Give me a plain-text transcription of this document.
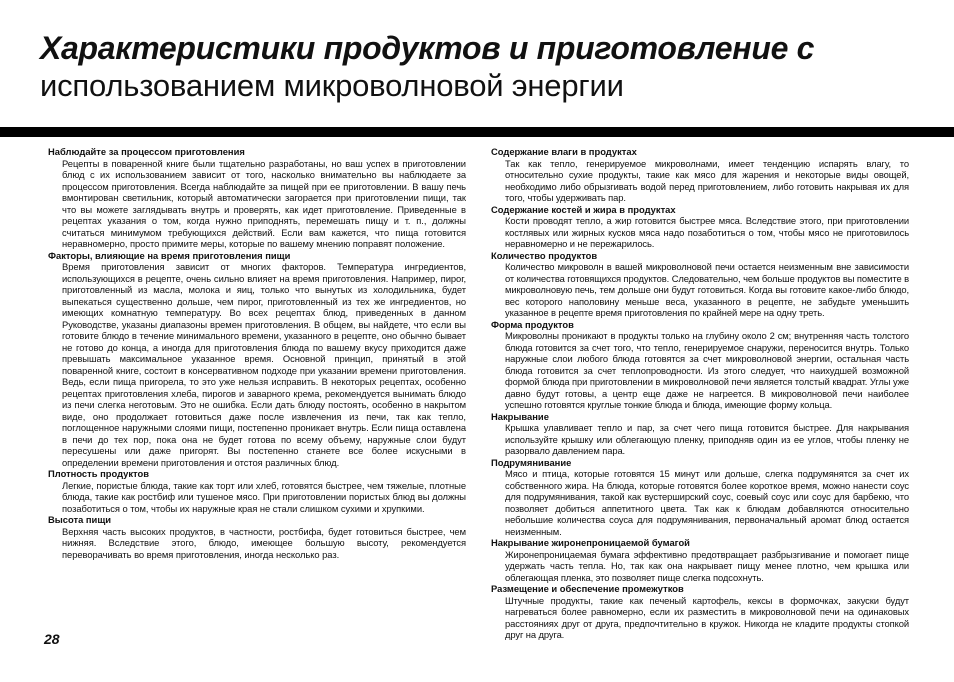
Характеристики продуктов и приготовление с
использованием микроволновой энергии
Наблюдайте за процессом приготовления
Рецепты в поваренной книге были тщательно разработаны, но ваш успех в приготовлении блюд с их использованием зависит от того, насколько внимательно вы наблюдаете за процессом приготовления. Всегда наблюдайте за пищей при ее приготовлении. В вашу печь вмонтирован светильник, который автоматически загорается при приготовлении пищи, так что вы можете заглядывать внутрь и проверять, как идет приготовление. Приведенные в рецептах указания о том, когда нужно приподнять, перемешать пищу и т. п., должны считаться минимумом требующихся действий. Если вам кажется, что пища готовится неравномерно, просто примите меры, которые по вашему мнению поправят положение.
Факторы, влияющие на время приготовления пищи
Время приготовления зависит от многих факторов. Температура ингредиентов, использующихся в рецепте, очень сильно влияет на время приготовления. Например, пирог, приготовленный из масла, молока и яиц, только что вынутых из холодильника, будет выпекаться существенно дольше, чем пирог, приготовленный из тех же ингредиентов, но имеющих комнатную температуру. Во всех рецептах блюд, приведенных в данном Руководстве, указаны диапазоны времен приготовления. В общем, вы найдете, что если вы готовите блюдо в течение минимального времени, указанного в рецепте, оно обычно бывает не готово до конца, а иногда для приготовления блюда по вашему вкусу приходится даже превышать максимальное указанное время. Основной принцип, принятый в этой поваренной книге, состоит в консервативном подходе при указании времени приготовления. Ведь, если пища пригорела, то это уже нельзя исправить. В некоторых рецептах, особенно рецептах приготовления хлеба, пирогов и заварного крема, рекомендуется вынимать блюдо из печи слегка неготовым. Это не ошибка. Если дать блюду постоять, особенно в накрытом виде, оно продолжает готовиться даже после извлечения из печи, так как тепло, поглощенное наружными слоями пищи, постепенно проникает внутрь. Если пища оставлена в печи до тех пор, пока она не будет готова по всему объему, наружные слои будут пересушены или даже пригорят. Вы постепенно станете все более искусными в определении времени приготовления и отстоя различных блюд.
Плотность продуктов
Легкие, пористые блюда, такие как торт или хлеб, готовятся быстрее, чем тяжелые, плотные блюда, такие как ростбиф или тушеное мясо. При приготовлении пористых блюд вы должны позаботиться о том, чтобы их наружные края не стали слишком сухими и хрупкими.
Высота пищи
Верхняя часть высоких продуктов, в частности, ростбифа, будет готовиться быстрее, чем нижняя. Вследствие этого, блюдо, имеющее большую высоту, рекомендуется переворачивать во время приготовления, иногда несколько раз.
Содержание влаги в продуктах
Так как тепло, генерируемое микроволнами, имеет тенденцию испарять влагу, то относительно сухие продукты, такие как мясо для жарения и некоторые виды овощей, необходимо либо обрызгивать водой перед приготовлением, либо готовить накрывая их для того, чтобы удерживать пар.
Содержание костей и жира в продуктах
Кости проводят тепло, а жир готовится быстрее мяса. Вследствие этого, при приготовлении костлявых или жирных кусков мяса надо позаботиться о том, чтобы мясо не приготовилось неравномерно и не пережарилось.
Количество продуктов
Количество микроволн в вашей микроволновой печи остается неизменным вне зависимости от количества готовящихся продуктов. Следовательно, чем больше продуктов вы поместите в микроволновую печь, тем дольше они будут готовиться. Когда вы готовите какое-либо блюдо, вес которого наполовину меньше веса, указанного в рецепте, не забудьте уменьшить указанное в рецепте время приготовления по крайней мере на одну треть.
Форма продуктов
Микроволны проникают в продукты только на глубину около 2 см; внутренняя часть толстого блюда готовится за счет того, что тепло, генерируемое снаружи, переносится внутрь. Только наружные слои любого блюда готовятся за счет микроволновой энергии, остальная часть блюда готовится за счет теплопроводности. Из этого следует, что наихудшей возможной формой блюда при приготовлении в микроволновой печи является толстый квадрат. Углы уже давно будут готовы, а центр еще даже не нагреется. В микроволновой печи наиболее успешно готовятся круглые тонкие блюда и блюда, имеющие форму кольца.
Накрывание
Крышка улавливает тепло и пар, за счет чего пища готовится быстрее. Для накрывания используйте крышку или облегающую пленку, приподняв один из ее углов, чтобы пленку не разорвало давлением пара.
Подрумянивание
Мясо и птица, которые готовятся 15 минут или дольше, слегка подрумянятся за счет их собственного жира. На блюда, которые готовятся более короткое время, можно нанести соус для подрумянивания, такой как вустерширский соус, соевый соус или соус для барбекю, что позволяет добиться аппетитного цвета. Так как к блюдам добавляются относительно небольшие количества соуса для подрумянивания, первоначальный аромат блюд остается неизменным.
Накрывание жиронепроницаемой бумагой
Жиронепроницаемая бумага эффективно предотвращает разбрызгивание и помогает пище удержать часть тепла. Но, так как она накрывает пищу менее плотно, чем крышка или облегающая пленка, это позволяет пище слегка подсохнуть.
Размещение и обеспечение промежутков
Штучные продукты, такие как печеный картофель, кексы в формочках, закуски будут нагреваться более равномерно, если их разместить в микроволновой печи на одинаковых расстояниях друг от друга, предпочтительно в кружок. Никогда не кладите продукты стопкой друг на друга.
28
